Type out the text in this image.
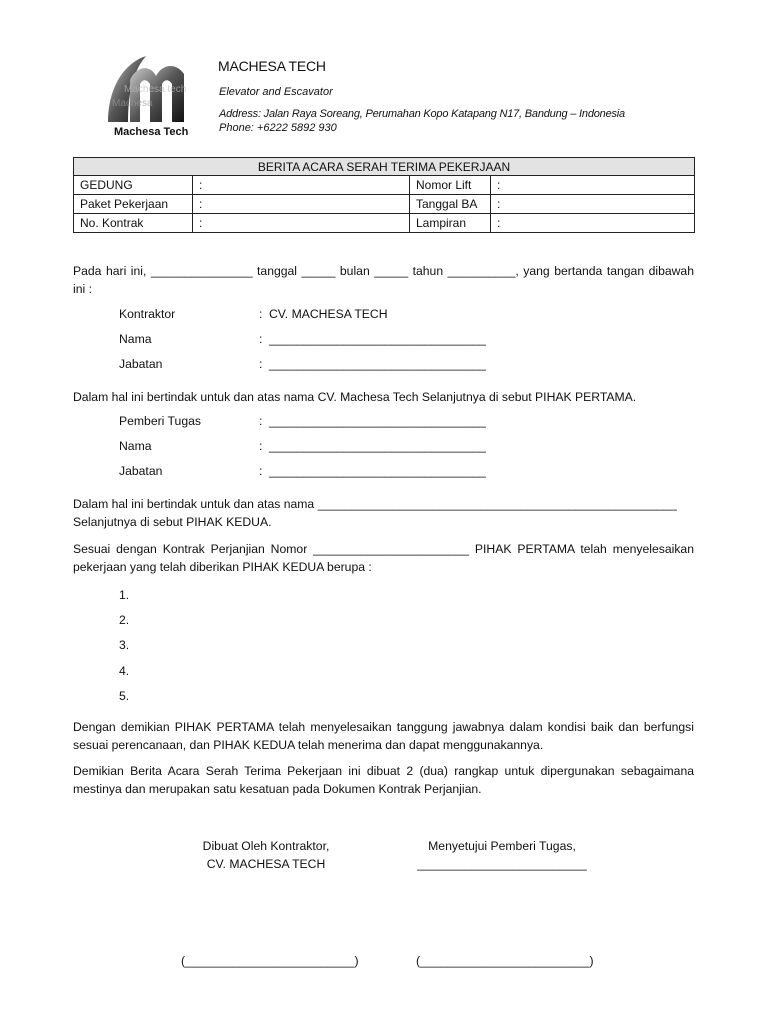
Machesa tech
Machesa
Machesa Tech
MACHESA TECH
Elevator and Escavator
Address: Jalan Raya Soreang, Perumahan Kopo Katapang N17, Bandung – Indonesia
Phone: +6222 5892 930
BERITA ACARA SERAH TERIMA PEKERJAAN			
GEDUNG	:	Nomor Lift	:
Paket Pekerjaan	:	Tanggal BA	:
No. Kontrak	:	Lampiran	:
Pada hari ini, _______________ tanggal _____ bulan _____ tahun __________, yang bertanda tangan dibawah ini :
Kontraktor	: CV. MACHESA TECH
Nama	: ________________________________
Jabatan	: ________________________________
Dalam hal ini bertindak untuk dan atas nama CV. Machesa Tech Selanjutnya di sebut PIHAK PERTAMA.
Pemberi Tugas	: ________________________________
Nama	: ________________________________
Jabatan	: ________________________________
Dalam hal ini bertindak untuk dan atas nama _____________________________________________________ Selanjutnya di sebut PIHAK KEDUA.
Sesuai dengan Kontrak Perjanjian Nomor _______________________ PIHAK PERTAMA telah menyelesaikan pekerjaan yang telah diberikan PIHAK KEDUA berupa :
1.
2.
3.
4.
5.
Dengan demikian PIHAK PERTAMA telah menyelesaikan tanggung jawabnya dalam kondisi baik dan berfungsi sesuai perencanaan, dan PIHAK KEDUA telah menerima dan dapat menggunakannya.
Demikian Berita Acara Serah Terima Pekerjaan ini dibuat 2 (dua) rangkap untuk dipergunakan sebagaimana mestinya dan merupakan satu kesatuan pada Dokumen Kontrak Perjanjian.
Dibuat Oleh Kontraktor,
CV. MACHESA TECH
Menyetujui Pemberi Tugas,
_________________________
(_________________________)	(_________________________)
